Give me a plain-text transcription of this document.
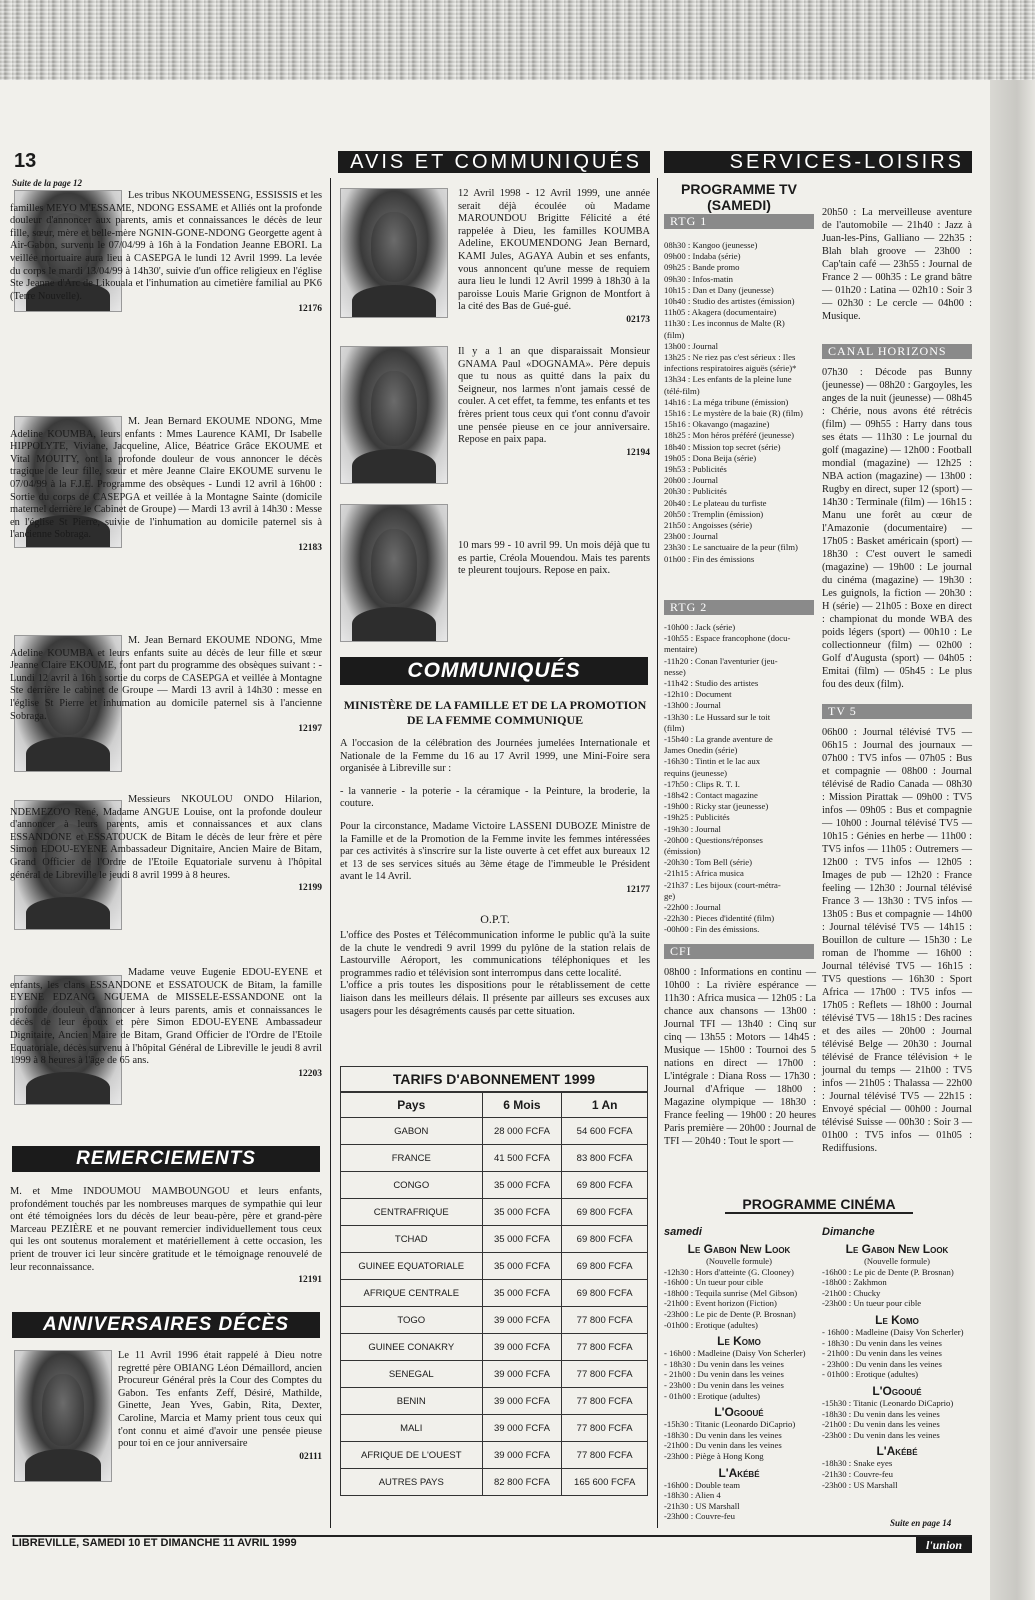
13	AVIS ET COMMUNIQUÉS	SERVICES-LOISIRS
Suite de la page 12

Les tribus NKOUMESSENG, ESSISSIS et les familles MEYO M'ESSAME, NDONG ESSAME et Alliés ont la profonde douleur d'annoncer aux parents, amis et connaissances le décès de leur fille, sœur, mère et belle-mère NGNIN-GONE-NDONG Georgette agent à Air-Gabon, survenu le 07/04/99 à 16h à la Fondation Jeanne EBORI. La veillée mortuaire aura lieu à CASEPGA le lundi 12 Avril 1999. La levée du corps le mardi 13/04/99 à 14h30', suivie d'un office religieux en l'église Ste Jeanne d'Arc de Likouala et l'inhumation au cimetière familial au PK6 (Terre Nouvelle).

12176

M. Jean Bernard EKOUME NDONG, Mme Adeline KOUMBA, leurs enfants : Mmes Laurence KAMI, Dr Isabelle HIPPOLYTE, Viviane, Jacqueline, Alice, Béatrice Grâce EKOUME et Vital MOUITY, ont la profonde douleur de vous annoncer le décès tragique de leur fille, sœur et mère Jeanne Claire EKOUME survenu le 07/04/99 à la F.J.E. Programme des obsèques - Lundi 12 avril à 16h00 : Sortie du corps de CASEPGA et veillée à la Montagne Sainte (domicile maternel derrière le Cabinet de Groupe) — Mardi 13 avril à 14h30 : Messe en l'église St Pierre, suivie de l'inhumation au domicile paternel sis à l'ancienne Sobraga.

12183

M. Jean Bernard EKOUME NDONG, Mme Adeline KOUMBA et leurs enfants suite au décès de leur fille et sœur Jeanne Claire EKOUME, font part du programme des obsèques suivant : - Lundi 12 avril à 16h : sortie du corps de CASEPGA et veillée à Montagne Ste derrière le cabinet de Groupe — Mardi 13 avril à 14h30 : messe en l'église St Pierre et inhumation au domicile paternel sis à l'ancienne Sobraga.

12197

Messieurs NKOULOU ONDO Hilarion, NDEMEZO'O René, Madame ANGUE Louise, ont la profonde douleur d'annoncer à leurs parents, amis et connaissances et aux clans ESSANDONE et ESSATOUCK de Bitam le décès de leur frère et père Simon EDOU-EYENE Ambassadeur Dignitaire, Ancien Maire de Bitam, Grand Officier de l'Ordre de l'Etoile Equatoriale survenu à l'hôpital général de Libreville le jeudi 8 avril 1999 à 8 heures.

12199

Madame veuve Eugenie EDOU-EYENE et enfants, les clans ESSANDONE et ESSATOUCK de Bitam, la famille EYENE EDZANG NGUEMA de MISSELE-ESSANDONE ont la profonde douleur d'annoncer à leurs parents, amis et connaissances le décès de leur époux et père Simon EDOU-EYENE Ambassadeur Dignitaire, Ancien Maire de Bitam, Grand Officier de l'Ordre de l'Etoile Equatoriale, décès survenu à l'hôpital Général de Libreville le jeudi 8 avril 1999 à 8 heures à l'âge de 65 ans.

12203
REMERCIEMENTS

M. et Mme INDOUMOU MAMBOUNGOU et leurs enfants, profondément touchés par les nombreuses marques de sympathie qui leur ont été témoignées lors du décès de leur beau-père, père et grand-père Marceau PEZIÈRE et ne pouvant remercier individuellement tous ceux qui les ont soutenus moralement et matériellement à cette occasion, les prient de trouver ici leur sincère gratitude et le témoignage renouvelé de leur reconnaissance.

12191
ANNIVERSAIRES DÉCÈS

Le 11 Avril 1996 était rappelé à Dieu notre regretté père OBIANG Léon Démaillord, ancien Procureur Général près la Cour des Comptes du Gabon. Tes enfants Zeff, Désiré, Mathilde, Ginette, Jean Yves, Gabin, Rita, Dexter, Caroline, Marcia et Mamy prient tous ceux qui t'ont connu et aimé d'avoir une pensée pieuse pour toi en ce jour anniversaire

02111

12 Avril 1998 - 12 Avril 1999, une année serait déjà écoulée où Madame MAROUNDOU Brigitte Félicité a été rappelée à Dieu, les familles KOUMBA Adeline, EKOUMENDONG Jean Bernard, KAMI Jules, AGAYA Aubin et ses enfants, vous annoncent qu'une messe de requiem aura lieu le lundi 12 Avril 1999 à 18h30 à la paroisse Louis Marie Grignon de Montfort à la cité des Bas de Gué-gué.

02173

Il y a 1 an que disparaissait Monsieur GNAMA Paul «DOGNAMA». Père depuis que tu nous as quitté dans la paix du Seigneur, nos larmes n'ont jamais cessé de couler. A cet effet, ta femme, tes enfants et tes frères prient tous ceux qui t'ont connu d'avoir une pensée pieuse en ce jour anniversaire. Repose en paix papa.

12194

10 mars 99 - 10 avril 99. Un mois déjà que tu es partie, Créola Mouendou. Mais tes parents te pleurent toujours. Repose en paix.

COMMUNIQUÉS
MINISTÈRE DE LA FAMILLE ET DE LA PROMOTION DE LA FEMME COMMUNIQUE

A l'occasion de la célébration des Journées jumelées Internationale et Nationale de la Femme du 16 au 17 Avril 1999, une Mini-Foire sera organisée à Libreville sur :

- la vannerie - la poterie - la céramique - la Peinture, la broderie, la couture.

Pour la circonstance, Madame Victoire LASSENI DUBOZE Ministre de la Famille et de la Promotion de la Femme invite les femmes intéressées par ces activités à s'inscrire sur la liste ouverte à cet effet aux bureaux 12 et 13 de ses services situés au 3ème étage de l'immeuble le Président avant le 14 Avril.

12177
O.P.T.

L'office des Postes et Télécommunication informe le public qu'à la suite de la chute le vendredi 9 avril 1999 du pylône de la station relais de Lastourville Aéroport, les communications téléphoniques et les programmes radio et télévision sont interrompus dans cette localité.

L'office a pris toutes les dispositions pour le rétablissement de cette liaison dans les meilleurs délais. Il présente par ailleurs ses excuses aux usagers pour les désagréments causés par cette situation.

TARIFS D'ABONNEMENT 1999
Pays	6 Mois	1 An
GABON	28 000 FCFA	54 600 FCFA
FRANCE	41 500 FCFA	83 800 FCFA
CONGO	35 000 FCFA	69 800 FCFA
CENTRAFRIQUE	35 000 FCFA	69 800 FCFA
TCHAD	35 000 FCFA	69 800 FCFA
GUINEE EQUATORIALE	35 000 FCFA	69 800 FCFA
AFRIQUE CENTRALE	35 000 FCFA	69 800 FCFA
TOGO	39 000 FCFA	77 800 FCFA
GUINEE CONAKRY	39 000 FCFA	77 800 FCFA
SENEGAL	39 000 FCFA	77 800 FCFA
BENIN	39 000 FCFA	77 800 FCFA
MALI	39 000 FCFA	77 800 FCFA
AFRIQUE DE L'OUEST	39 000 FCFA	77 800 FCFA
AUTRES PAYS	82 800 FCFA	165 600 FCFA
PROGRAMME TV (SAMEDI)
RTG 1
08h30 : Kangoo (jeunesse)
09h00 : Indaba (série)
09h25 : Bande promo
09h30 : Infos-matin
10h15 : Dan et Dany (jeunesse)
10h40 : Studio des artistes (émission)
11h05 : Akagera (documentaire)
11h30 : Les inconnus de Malte (R)
(film)
13h00 : Journal
13h25 : Ne riez pas c'est sérieux : Iles
infections respiratoires aiguës (série)*
13h34 : Les enfants de la pleine lune
(télé-film)
14h16 : La méga tribune (émission)
15h16 : Le mystère de la baie (R) (film)
15h16 : Okavango (magazine)
18h25 : Mon héros préféré (jeunesse)
18h40 : Mission top secret (série)
19h05 : Dona Beija (série)
19h53 : Publicités
20h00 : Journal
20h30 : Publicités
20h40 : Le plateau du turfiste
20h50 : Tremplin (émission)
21h50 : Angoisses (série)
23h00 : Journal
23h30 : Le sanctuaire de la peur (film)
01h00 : Fin des émissions
RTG 2
-10h00 : Jack (série)
-10h55 : Espace francophone (docu-
mentaire)
-11h20 : Conan l'aventurier (jeu-
nesse)
-11h42 : Studio des artistes
-12h10 : Document
-13h00 : Journal
-13h30 : Le Hussard sur le toit
(film)
-15h40 : La grande aventure de
James Onedin (série)
-16h30 : Tintin et le lac aux
requins (jeunesse)
-17h50 : Clips R. T. I.
-18h42 : Contact magazine
-19h00 : Ricky star (jeunesse)
-19h25 : Publicités
-19h30 : Journal
-20h00 : Questions/réponses
(émission)
-20h30 : Tom Bell (série)
-21h15 : Africa musica
-21h37 : Les bijoux (court-métra-
ge)
-22h00 : Journal
-22h30 : Pieces d'identité (film)
-00h00 : Fin des émissions.
CFI
08h00 : Informations en continu — 10h00 : La rivière espérance — 11h30 : Africa musica — 12h05 : La chance aux chansons — 13h00 : Journal TFI — 13h40 : Cinq sur cinq — 13h55 : Motors — 14h45 : Musique — 15h00 : Tournoi des 5 nations en direct — 17h00 : L'intégrale : Diana Ross — 17h30 : Journal d'Afrique — 18h00 : Magazine olympique — 18h30 : France feeling — 19h00 : 20 heures Paris première — 20h00 : Journal de TFI — 20h40 : Tout le sport —
20h50 : La merveilleuse aventure de l'automobile — 21h40 : Jazz à Juan-les-Pins, Galliano — 22h35 : Blah blah groove — 23h00 : Cap'tain café — 23h55 : Journal de France 2 — 00h35 : Le grand bâtre — 01h20 : Latina — 02h10 : Soir 3 — 02h30 : Le cercle — 04h00 : Musique.
CANAL HORIZONS
07h30 : Décode pas Bunny (jeunesse) — 08h20 : Gargoyles, les anges de la nuit (jeunesse) — 08h45 : Chérie, nous avons été rétrécis (film) — 09h55 : Harry dans tous ses états — 11h30 : Le journal du golf (magazine) — 12h00 : Football mondial (magazine) — 12h25 : NBA action (magazine) — 13h00 : Rugby en direct, super 12 (sport) — 14h30 : Terminale (film) — 16h15 : Manu une forêt au cœur de l'Amazonie (documentaire) — 17h05 : Basket américain (sport) — 18h30 : C'est ouvert le samedi (magazine) — 19h00 : Le journal du cinéma (magazine) — 19h30 : Les guignols, la fiction — 20h30 : H (série) — 21h05 : Boxe en direct : championat du monde WBA des poids légers (sport) — 00h10 : Le collectionneur (film) — 02h00 : Golf d'Augusta (sport) — 04h05 : Emitai (film) — 05h45 : Le plus fou des deux (film).
TV 5
06h00 : Journal télévisé TV5 — 06h15 : Journal des journaux — 07h00 : TV5 infos — 07h05 : Bus et compagnie — 08h00 : Journal télévisé de Radio Canada — 08h30 : Mission Pirattak — 09h00 : TV5 infos — 09h05 : Bus et compagnie — 10h00 : Journal télévisé TV5 — 10h15 : Génies en herbe — 11h00 : TV5 infos — 11h05 : Outremers — 12h00 : TV5 infos — 12h05 : Images de pub — 12h20 : France feeling — 12h30 : Journal télévisé France 3 — 13h30 : TV5 infos — 13h05 : Bus et compagnie — 14h00 : Journal télévisé TV5 — 14h15 : Bouillon de culture — 15h30 : Le roman de l'homme — 16h00 : Journal télévisé TV5 — 16h15 : TV5 questions — 16h30 : Sport Africa — 17h00 : TV5 infos — 17h05 : Reflets — 18h00 : Journal télévisé TV5 — 18h15 : Des racines et des ailes — 20h00 : Journal télévisé Belge — 20h30 : Journal télévisé de France télévision + le journal du temps — 21h00 : TV5 infos — 21h05 : Thalassa — 22h00 : Journal télévisé TV5 — 22h15 : Envoyé spécial — 00h00 : Journal télévisé Suisse — 00h30 : Soir 3 — 01h00 : TV5 infos — 01h05 : Rediffusions.
PROGRAMME CINÉMA
samedi
Le Gabon New Look
(Nouvelle formule)
-12h30 : Hors d'atteinte (G. Clooney)
-16h00 : Un tueur pour cible
-18h00 : Tequila sunrise (Mel Gibson)
-21h00 : Event horizon (Fiction)
-23h00 : Le pic de Dente (P. Brosnan)
-01h00 : Erotique (adultes)
Le Komo
- 16h00 : Madleine (Daisy Von Scherler)
- 18h30 : Du venin dans les veines
- 21h00 : Du venin dans les veines
- 23h00 : Du venin dans les veines
- 01h00 : Erotique (adultes)
L'Ogooué
-15h30 : Titanic (Leonardo DiCaprio)
-18h30 : Du venin dans les veines
-21h00 : Du venin dans les veines
-23h00 : Piège à Hong Kong
L'Akébé
-16h00 : Double team
-18h30 : Alien 4
-21h30 : US Marshall
-23h00 : Couvre-feu
Dimanche
Le Gabon New Look
(Nouvelle formule)
-16h00 : Le pic de Dente (P. Brosnan)
-18h00 : Zakhmon
-21h00 : Chucky
-23h00 : Un tueur pour cible
Le Komo
- 16h00 : Madleine (Daisy Von Scherler)
- 18h30 : Du venin dans les veines
- 21h00 : Du venin dans les veines
- 23h00 : Du venin dans les veines
- 01h00 : Erotique (adultes)
L'Ogooué
-15h30 : Titanic (Leonardo DiCaprio)
-18h30 : Du venin dans les veines
-21h00 : Du venin dans les veines
-23h00 : Du venin dans les veines
L'Akébé
-18h30 : Snake eyes
-21h30 : Couvre-feu
-23h00 : US Marshall
Suite en page 14
LIBREVILLE, SAMEDI 10 ET DIMANCHE 11 AVRIL 1999	l'union
